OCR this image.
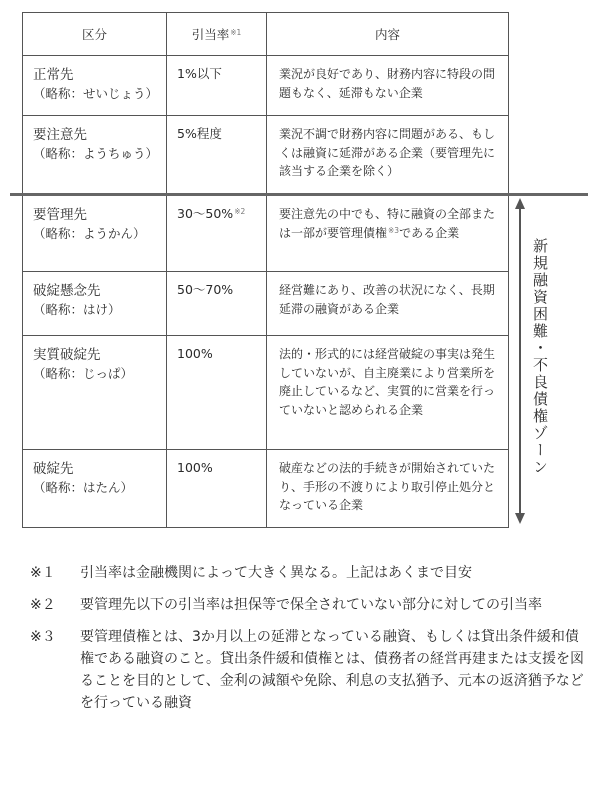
区分	引当率$^{※1}$	内容

正常先
（略称：せいじょう）	1%以下	業況が良好であり、財務内容に特段の問題もなく、延滞もない企業

要注意先
（略称：ようちゅう）	5%程度	業況不調で財務内容に問題がある、もしくは融資に延滞がある企業（要管理先に該当する企業を除く）

要管理先
（略称：ようかん）	30〜50%$^{※2}$	要注意先の中でも、特に融資の全部または一部が要管理債権$^{※3}$である企業

破綻懸念先
（略称：はけ）	50〜70%	経営難にあり、改善の状況になく、長期延滞の融資がある企業

実質破綻先
（略称：じっぱ）	100%	法的・形式的には経営破綻の事実は発生していないが、自主廃業により営業所を廃止しているなど、実質的に営業を行っていないと認められる企業

破綻先
（略称：はたん）	100%	破産などの法的手続きが開始されていたり、手形の不渡りにより取引停止処分となっている企業
新規融資困難・不良債権ゾーン
※１	引当率は金融機関によって大きく異なる。上記はあくまで目安
※２	要管理先以下の引当率は担保等で保全されていない部分に対しての引当率
※３	要管理債権とは、3か月以上の延滞となっている融資、もしくは貸出条件緩和債権である融資のこと。貸出条件緩和債権とは、債務者の経営再建または支援を図ることを目的として、金利の減額や免除、利息の支払猶予、元本の返済猶予などを行っている融資
